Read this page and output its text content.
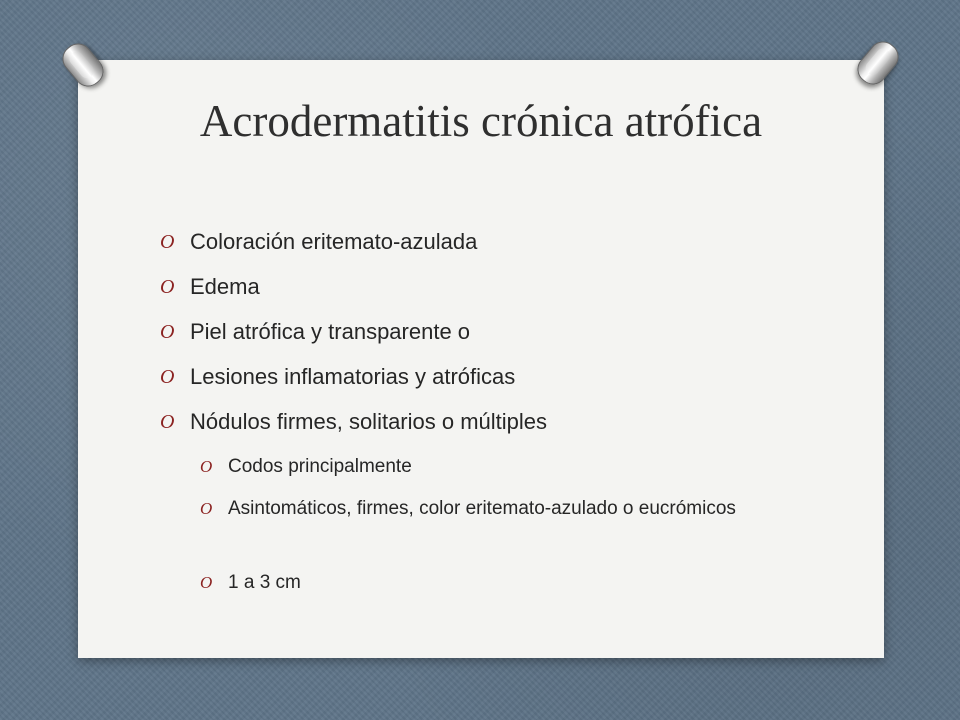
Acrodermatitis crónica atrófica
O Coloración eritemato-azulada
O Edema
O Piel atrófica y transparente o
O Lesiones inflamatorias y atróficas
O Nódulos firmes, solitarios o múltiples
O Codos principalmente
O Asintomáticos, firmes, color eritemato-azulado o eucrómicos
O 1 a 3 cm
